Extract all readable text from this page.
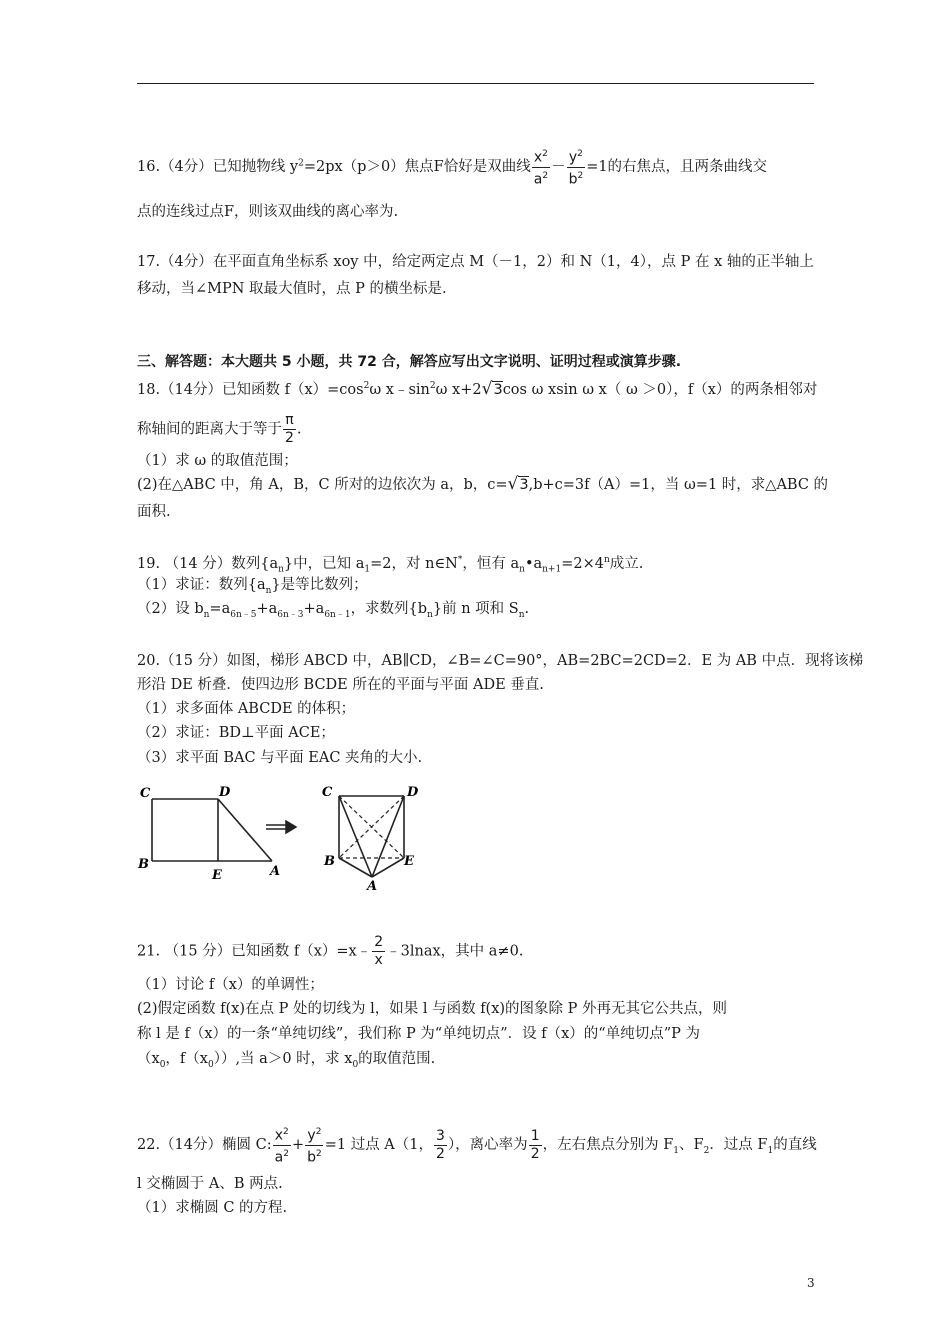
16.（4分）已知抛物线 $y^2=2px(p>0)$焦点F恰好是双曲线 $\frac{x^2}{a^2} - \frac{y^2}{b^2} =1$的右焦点，且两条曲线交
点的连线过点F，则该双曲线的离心率为.
17.（4分）在平面直角坐标系 xoy 中，给定两定点 M（－1，2）和 N（1，4），点 P 在 x 轴的正半轴上
移动，当∠MPN 取最大值时，点 P 的横坐标是.
三、解答题：本大题共 5 小题，共 72 合，解答应写出文字说明、证明过程或演算步骤.
18.（14分）已知函数 $f(x)=\cos^2\omega$ $x﹣\sin^2\omega$ x+2√3cos ω xsin ω x（ ω ＞0），f（x）的两条相邻对
称轴间的距离大于等于 $\frac{\pi}{2}$ .
（1）求 ω 的取值范围；
(2)在△ABC 中，角 A，B，C 所对的边依次为 a，b，c=√3,b+c=3f（A）=1，当 ω=1 时，求△ABC 的
面积.
19. （14 分）数列$\{a_n\}$中，已知 $a_1=2$，对 n∈N*，恒有 $a_n•a_{n+1}=2\times 4^n$成立.
（1）求证：数列$\{a_n\}$是等比数列；
（2）设 $b_n=a_{6n﹣5}+a_{6n﹣3}+a_{6n﹣1}$，求数列$\{b_n\}$前 n 项和 $S_n$.
20.（15 分）如图，梯形 ABCD 中，AB∥CD，∠B=∠C=90°，AB=2BC=2CD=2．E 为 AB 中点．现将该梯
形沿 DE 析叠．使四边形 BCDE 所在的平面与平面 ADE 垂直.
（1）求多面体 ABCDE 的体积；
（2）求证：BD⊥平面 ACE；
（3）求平面 BAC 与平面 EAC 夹角的大小.
C	D
B
E	A
C	D
B	E
A
21. （15 分）已知函数 f（x）=x﹣ $\frac{2}{x}$ ﹣3lnax，其中 a≠0.
（1）讨论 f（x）的单调性；
(2)假定函数 f(x)在点 P 处的切线为 l，如果 l 与函数 f(x)的图象除 P 外再无其它公共点，则
称 l 是 f（x）的一条“单纯切线”，我们称 P 为“单纯切点”．设 f（x）的“单纯切点”P 为
（$x_0$，$f(x_0)$）,当 a＞0 时，求 $x_0$的取值范围.
22.（14分）椭圆 C: $\frac{x^2}{a^2} + \frac{y^2}{b^2} =1$ 过点 A（1， $\frac{3}{2}$ ），离心率为 $\frac{1}{2}$ ，左右焦点分别为 $F_1$、$F_2$．过点 $F_1$的直线
l 交椭圆于 A、B 两点.
（1）求椭圆 C 的方程.
3
